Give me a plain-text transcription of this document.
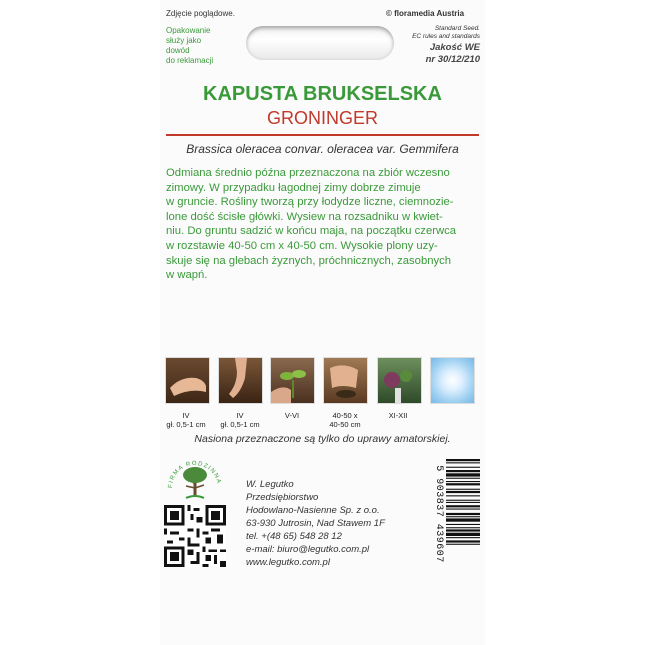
Zdjęcie poglądowe.	© floramedia Austria
Opakowanie
służy jako
dowód
do reklamacji
Standard Seed.
EC rules and standards
Jakość WE
nr 30/12/210
KAPUSTA BRUKSELSKA
GRONINGER
Brassica oleracea convar. oleracea var. Gemmifera
Odmiana średnio późna przeznaczona na zbiór wczesno
zimowy. W przypadku łagodnej zimy dobrze zimuje
w gruncie. Rośliny tworzą przy łodydze liczne, ciemnozie-
lone dość ścisłe główki. Wysiew na rozsadniku w kwiet-
niu. Do gruntu sadzić w końcu maja, na początku czerwca
w rozstawie 40-50 cm x 40-50 cm. Wysokie plony uzy-
skuje się na glebach żyznych, próchnicznych, zasobnych
w wapń.
IV
gł. 0,5-1 cm
IV
gł. 0,5-1 cm
V-VI	40-50 x
40-50 cm
XI-XII
Nasiona przeznaczone są tylko do uprawy amatorskiej.
FIRMA RODZINNA	W. Legutko
Przedsiębiorstwo
Hodowlano-Nasienne Sp. z o.o.
63-930 Jutrosin, Nad Stawem 1F
tel. +(48 65) 548 28 12
e-mail: biuro@legutko.com.pl
www.legutko.com.pl	5 903837 439607
